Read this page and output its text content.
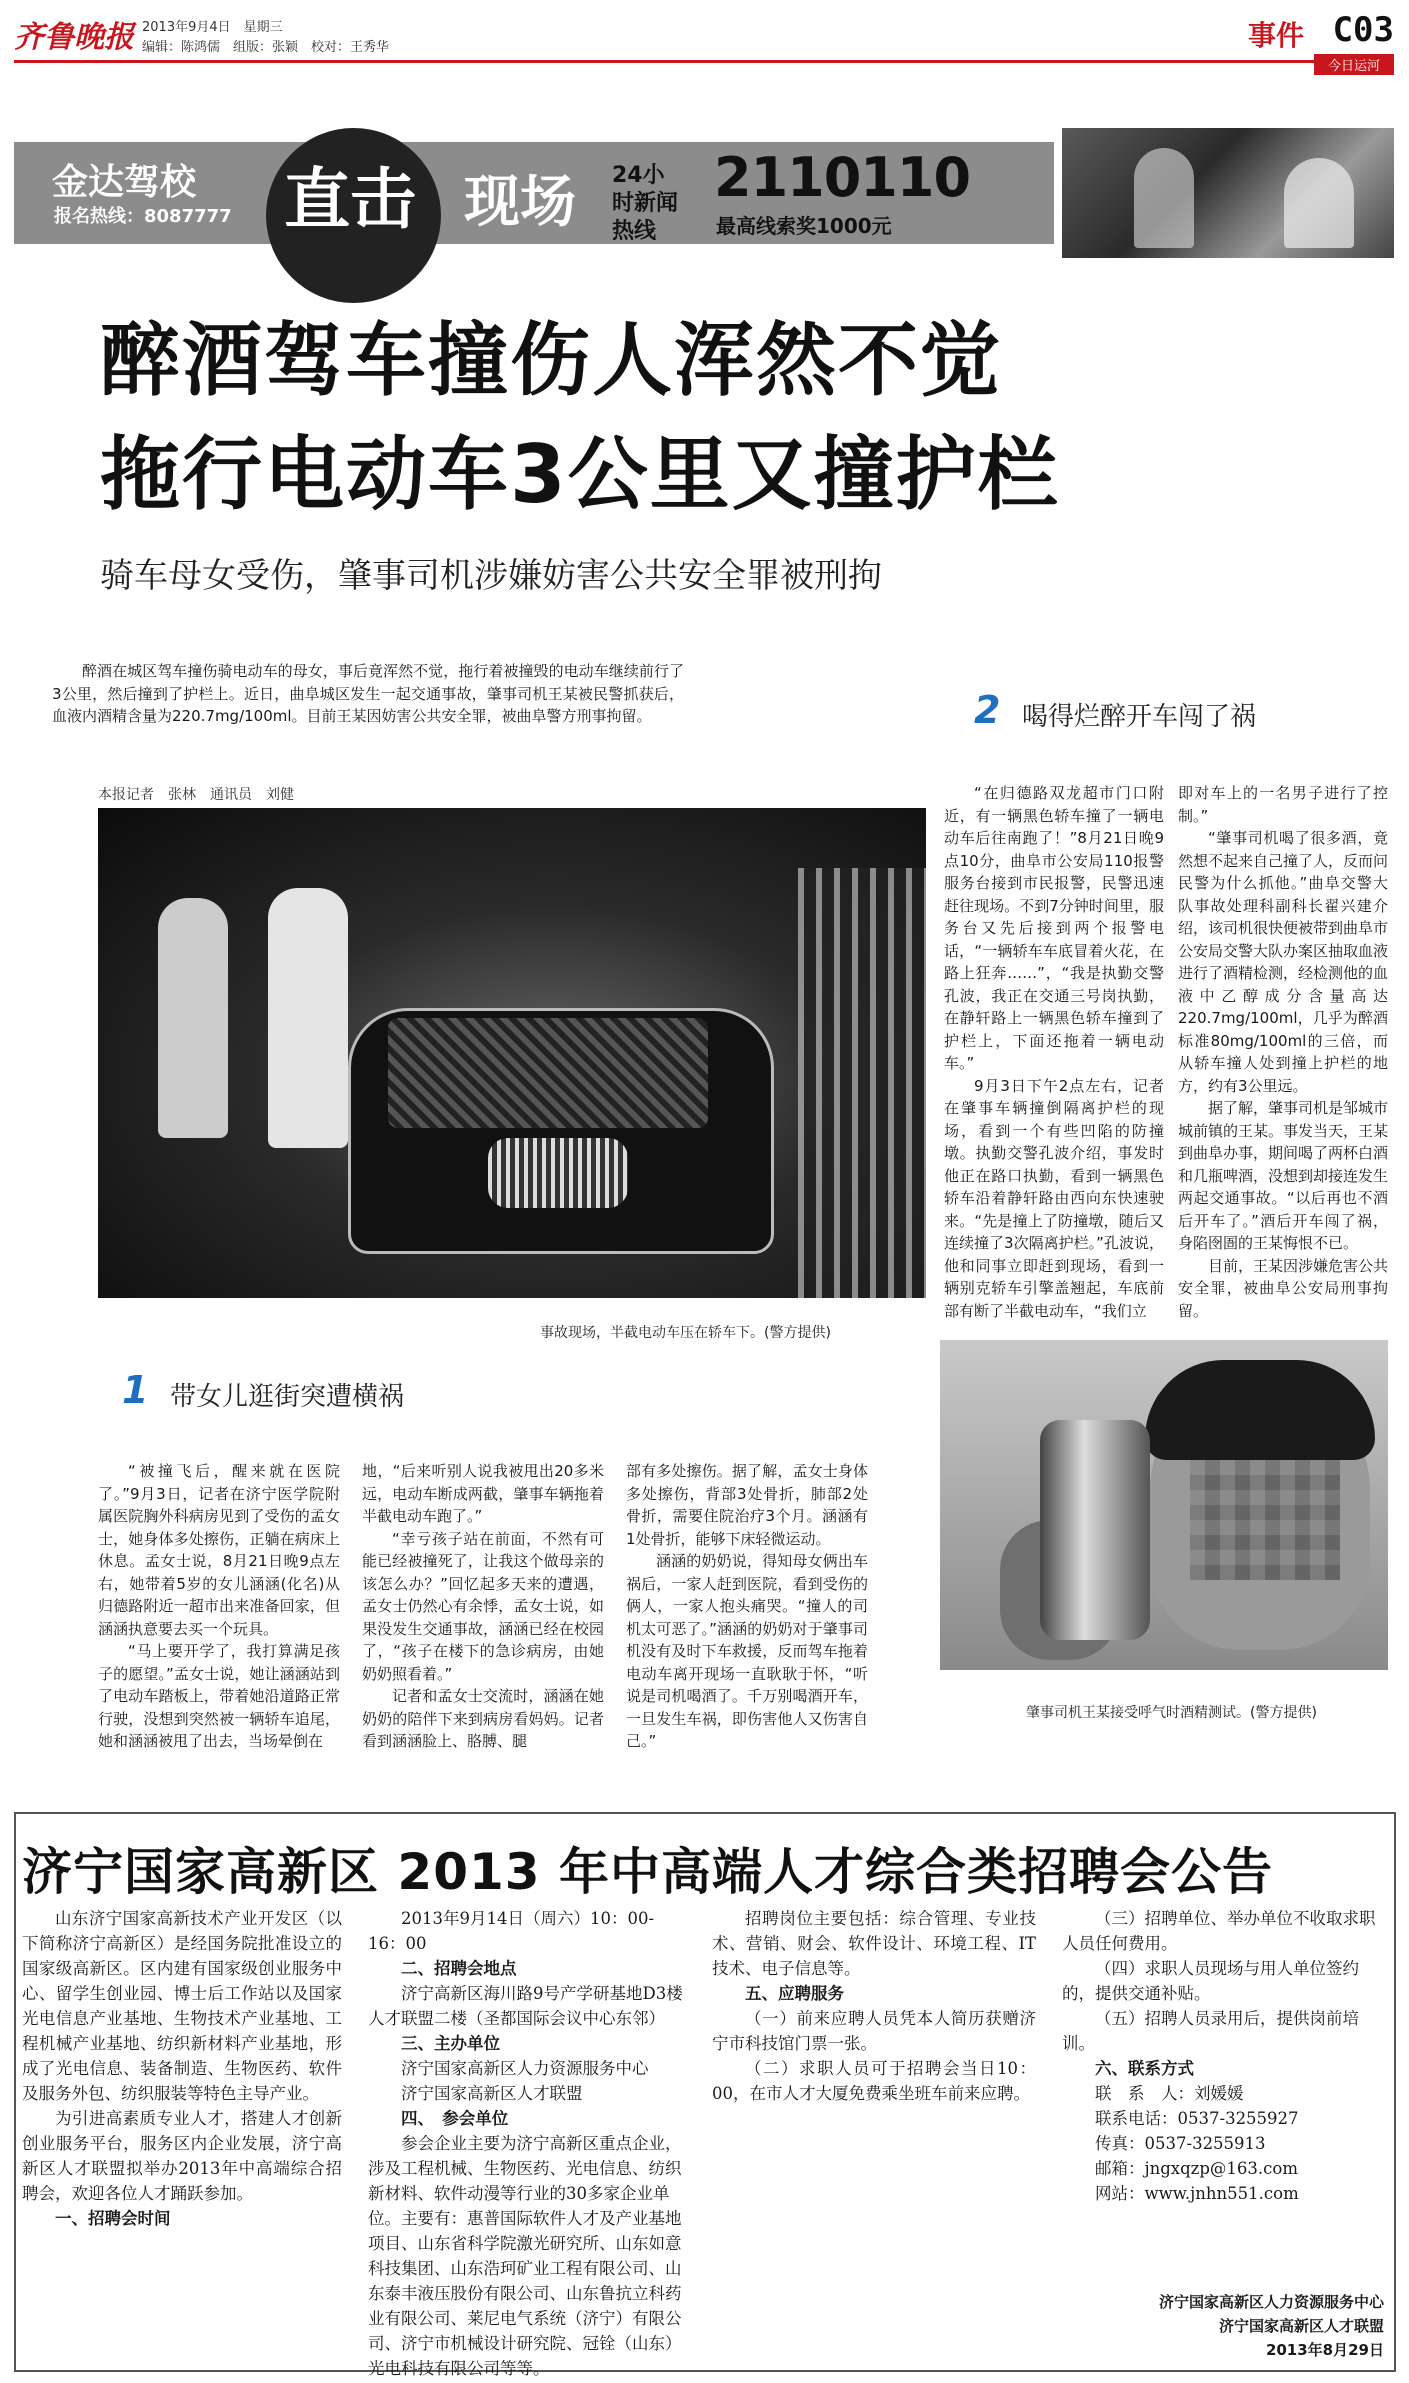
齐鲁晚报 2013年9月4日　星期三
编辑：陈鸿儒　组版：张颖　校对：王秀华	事件 C03
今日运河
金达驾校
报名热线：8087777 直击 现场 24小时新闻热线
2110110
最高线索奖1000元
醉酒驾车撞伤人浑然不觉
拖行电动车3公里又撞护栏
骑车母女受伤，肇事司机涉嫌妨害公共安全罪被刑拘

醉酒在城区驾车撞伤骑电动车的母女，事后竟浑然不觉，拖行着被撞毁的电动车继续前行了3公里，然后撞到了护栏上。近日，曲阜城区发生一起交通事故，肇事司机王某被民警抓获后，血液内酒精含量为220.7mg/100ml。目前王某因妨害公共安全罪，被曲阜警方刑事拘留。

本报记者　张林　通讯员　刘健
事故现场，半截电动车压在轿车下。(警方提供)
2 喝得烂醉开车闯了祸

“在归德路双龙超市门口附近，有一辆黑色轿车撞了一辆电动车后往南跑了！”8月21日晚9点10分，曲阜市公安局110报警服务台接到市民报警，民警迅速赶往现场。不到7分钟时间里，服务台又先后接到两个报警电话，“一辆轿车车底冒着火花，在路上狂奔……”，“我是执勤交警孔波，我正在交通三号岗执勤，在静轩路上一辆黑色轿车撞到了护栏上，下面还拖着一辆电动车。”

9月3日下午2点左右，记者在肇事车辆撞倒隔离护栏的现场，看到一个有些凹陷的防撞墩。执勤交警孔波介绍，事发时他正在路口执勤，看到一辆黑色轿车沿着静轩路由西向东快速驶来。“先是撞上了防撞墩，随后又连续撞了3次隔离护栏。”孔波说，他和同事立即赶到现场，看到一辆别克轿车引擎盖翘起，车底前部有断了半截电动车，“我们立

即对车上的一名男子进行了控制。”

“肇事司机喝了很多酒，竟然想不起来自己撞了人，反而问民警为什么抓他。”曲阜交警大队事故处理科副科长翟兴建介绍，该司机很快便被带到曲阜市公安局交警大队办案区抽取血液进行了酒精检测，经检测他的血液中乙醇成分含量高达220.7mg/100ml，几乎为醉酒标准80mg/100ml的三倍，而从轿车撞人处到撞上护栏的地方，约有3公里远。

据了解，肇事司机是邹城市城前镇的王某。事发当天，王某到曲阜办事，期间喝了两杯白酒和几瓶啤酒，没想到却接连发生两起交通事故。“以后再也不酒后开车了。”酒后开车闯了祸，身陷囹圄的王某悔恨不已。

目前，王某因涉嫌危害公共安全罪，被曲阜公安局刑事拘留。

1 带女儿逛街突遭横祸

“被撞飞后，醒来就在医院了。”9月3日，记者在济宁医学院附属医院胸外科病房见到了受伤的孟女士，她身体多处擦伤，正躺在病床上休息。孟女士说，8月21日晚9点左右，她带着5岁的女儿涵涵(化名)从归德路附近一超市出来准备回家，但涵涵执意要去买一个玩具。

“马上要开学了，我打算满足孩子的愿望。”孟女士说，她让涵涵站到了电动车踏板上，带着她沿道路正常行驶，没想到突然被一辆轿车追尾，她和涵涵被甩了出去，当场晕倒在

地，“后来听别人说我被甩出20多米远，电动车断成两截，肇事车辆拖着半截电动车跑了。”

“幸亏孩子站在前面，不然有可能已经被撞死了，让我这个做母亲的该怎么办？”回忆起多天来的遭遇，孟女士仍然心有余悸，孟女士说，如果没发生交通事故，涵涵已经在校园了，“孩子在楼下的急诊病房，由她奶奶照看着。”

记者和孟女士交流时，涵涵在她奶奶的陪伴下来到病房看妈妈。记者看到涵涵脸上、胳膊、腿

部有多处擦伤。据了解，孟女士身体多处擦伤，背部3处骨折，肺部2处骨折，需要住院治疗3个月。涵涵有1处骨折，能够下床轻微运动。

涵涵的奶奶说，得知母女俩出车祸后，一家人赶到医院，看到受伤的俩人，一家人抱头痛哭。“撞人的司机太可恶了。”涵涵的奶奶对于肇事司机没有及时下车救援，反而驾车拖着电动车离开现场一直耿耿于怀，“听说是司机喝酒了。千万别喝酒开车，一旦发生车祸，即伤害他人又伤害自己。”

肇事司机王某接受呼气时酒精测试。(警方提供)
济宁国家高新区 2013 年中高端人才综合类招聘会公告

山东济宁国家高新技术产业开发区（以下简称济宁高新区）是经国务院批准设立的国家级高新区。区内建有国家级创业服务中心、留学生创业园、博士后工作站以及国家光电信息产业基地、生物技术产业基地、工程机械产业基地、纺织新材料产业基地，形成了光电信息、装备制造、生物医药、软件及服务外包、纺织服装等特色主导产业。

为引进高素质专业人才，搭建人才创新创业服务平台，服务区内企业发展，济宁高新区人才联盟拟举办2013年中高端综合招聘会，欢迎各位人才踊跃参加。

一、招聘会时间

2013年9月14日（周六）10：00-16：00

二、招聘会地点

济宁高新区海川路9号产学研基地D3楼人才联盟二楼（圣都国际会议中心东邻）

三、主办单位

济宁国家高新区人力资源服务中心

济宁国家高新区人才联盟

四、　参会单位

参会企业主要为济宁高新区重点企业，涉及工程机械、生物医药、光电信息、纺织新材料、软件动漫等行业的30多家企业单位。主要有：惠普国际软件人才及产业基地项目、山东省科学院激光研究所、山东如意科技集团、山东浩珂矿业工程有限公司、山东泰丰液压股份有限公司、山东鲁抗立科药业有限公司、莱尼电气系统（济宁）有限公司、济宁市机械设计研究院、冠铨（山东）光电科技有限公司等等。

招聘岗位主要包括：综合管理、专业技术、营销、财会、软件设计、环境工程、IT技术、电子信息等。

五、应聘服务

（一）前来应聘人员凭本人简历获赠济宁市科技馆门票一张。

（二）求职人员可于招聘会当日10：00，在市人才大厦免费乘坐班车前来应聘。

（三）招聘单位、举办单位不收取求职人员任何费用。

（四）求职人员现场与用人单位签约的，提供交通补贴。

（五）招聘人员录用后，提供岗前培训。

六、联系方式

联　系　人：刘媛媛

联系电话：0537-3255927

传真：0537-3255913

邮箱：jngxqzp@163.com

网站：www.jnhn551.com

济宁国家高新区人力资源服务中心
济宁国家高新区人才联盟
2013年8月29日
